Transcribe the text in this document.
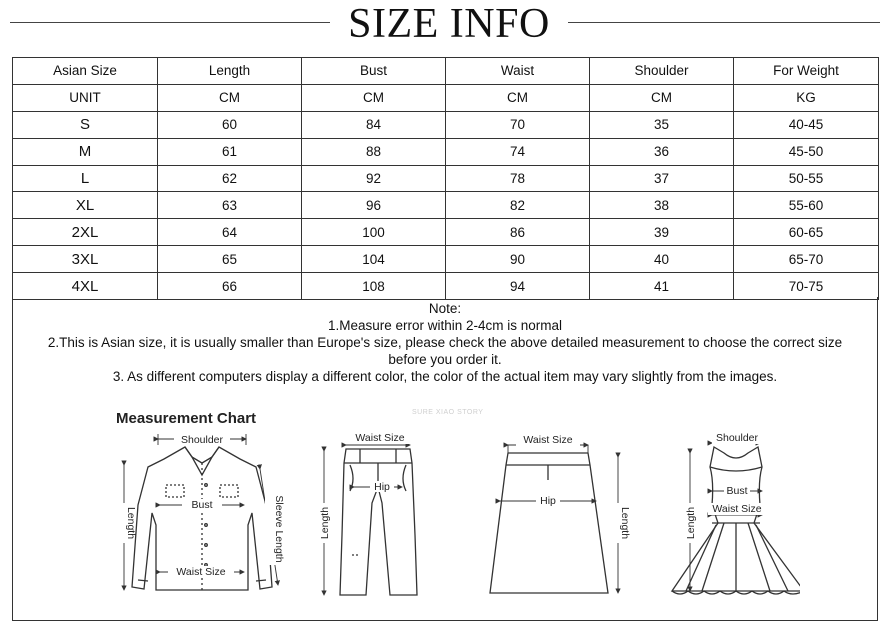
SIZE INFO
Asian Size	Length	Bust	Waist	Shoulder	For Weight
UNIT	CM	CM	CM	CM	KG
S	60	84	70	35	40-45
M	61	88	74	36	45-50
L	62	92	78	37	50-55
XL	63	96	82	38	55-60
2XL	64	100	86	39	60-65
3XL	65	104	90	40	65-70
4XL	66	108	94	41	70-75
Note:
1.Measure error within 2-4cm is normal
2.This is Asian size, it is usually smaller than Europe's size, please check the above detailed measurement to choose the correct size
before you order it.
3. As different computers display a different color, the color of the actual item may vary slightly from the images.
Measurement Chart	SURE XIAO STORY
Shoulder
Bust
Waist Size
Length	Sleeve Length
Waist Size
Hip
Length
Waist Size
Hip
Length
Shoulder
Bust
Waist Size
Length
